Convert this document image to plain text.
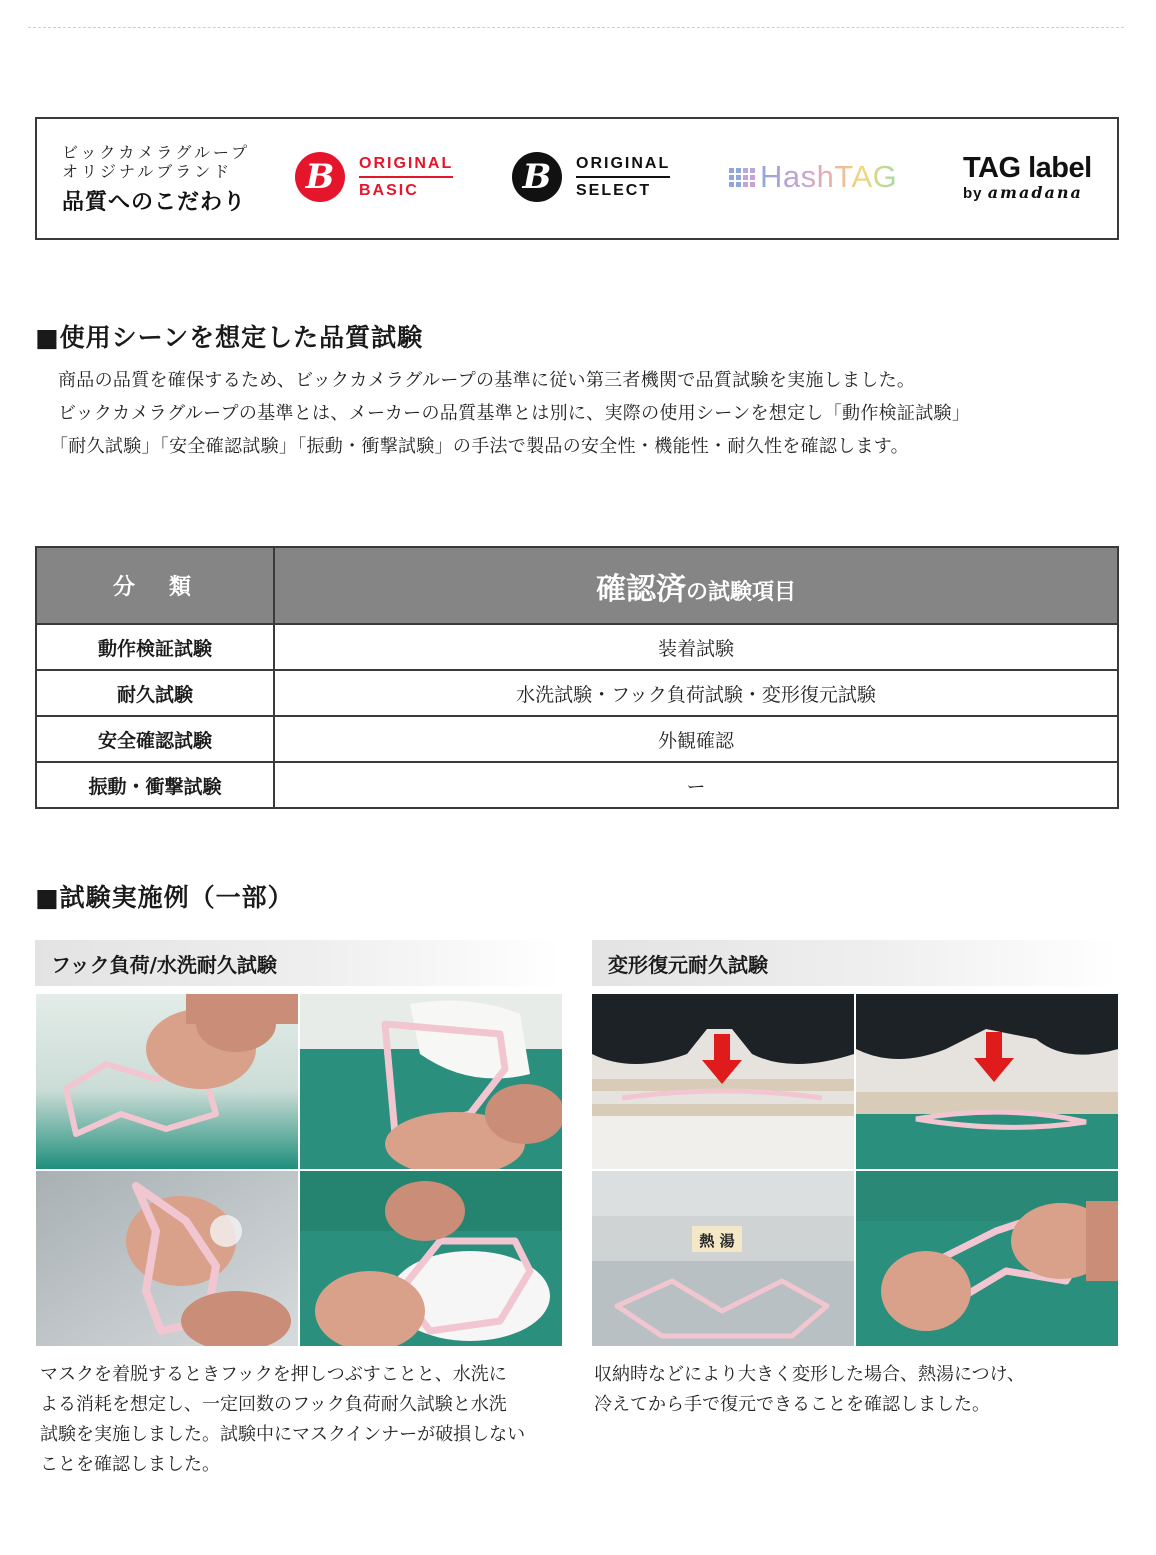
ビックカメラグループ
オリジナルブランド
品質へのこだわり
B ORIGINAL
BASIC	B ORIGINAL
SELECT	HashTAG TAG label
by amadana
■使用シーンを想定した品質試験
商品の品質を確保するため、ビックカメラグループの基準に従い第三者機関で品質試験を実施しました。
ビックカメラグループの基準とは、メーカーの品質基準とは別に、実際の使用シーンを想定し「動作検証試験」
「耐久試験」「安全確認試験」「振動・衝撃試験」の手法で製品の安全性・機能性・耐久性を確認します。
分　類	確認済の試験項目
動作検証試験	装着試験
耐久試験	水洗試験・フック負荷試験・変形復元試験
安全確認試験	外観確認
振動・衝撃試験	ー
■試験実施例（一部）
フック負荷/水洗耐久試験
マスクを着脱するときフックを押しつぶすことと、水洗に
よる消耗を想定し、一定回数のフック負荷耐久試験と水洗
試験を実施しました。試験中にマスクインナーが破損しない
ことを確認しました。
変形復元耐久試験
熱 湯
収納時などにより大きく変形した場合、熱湯につけ、
冷えてから手で復元できることを確認しました。
